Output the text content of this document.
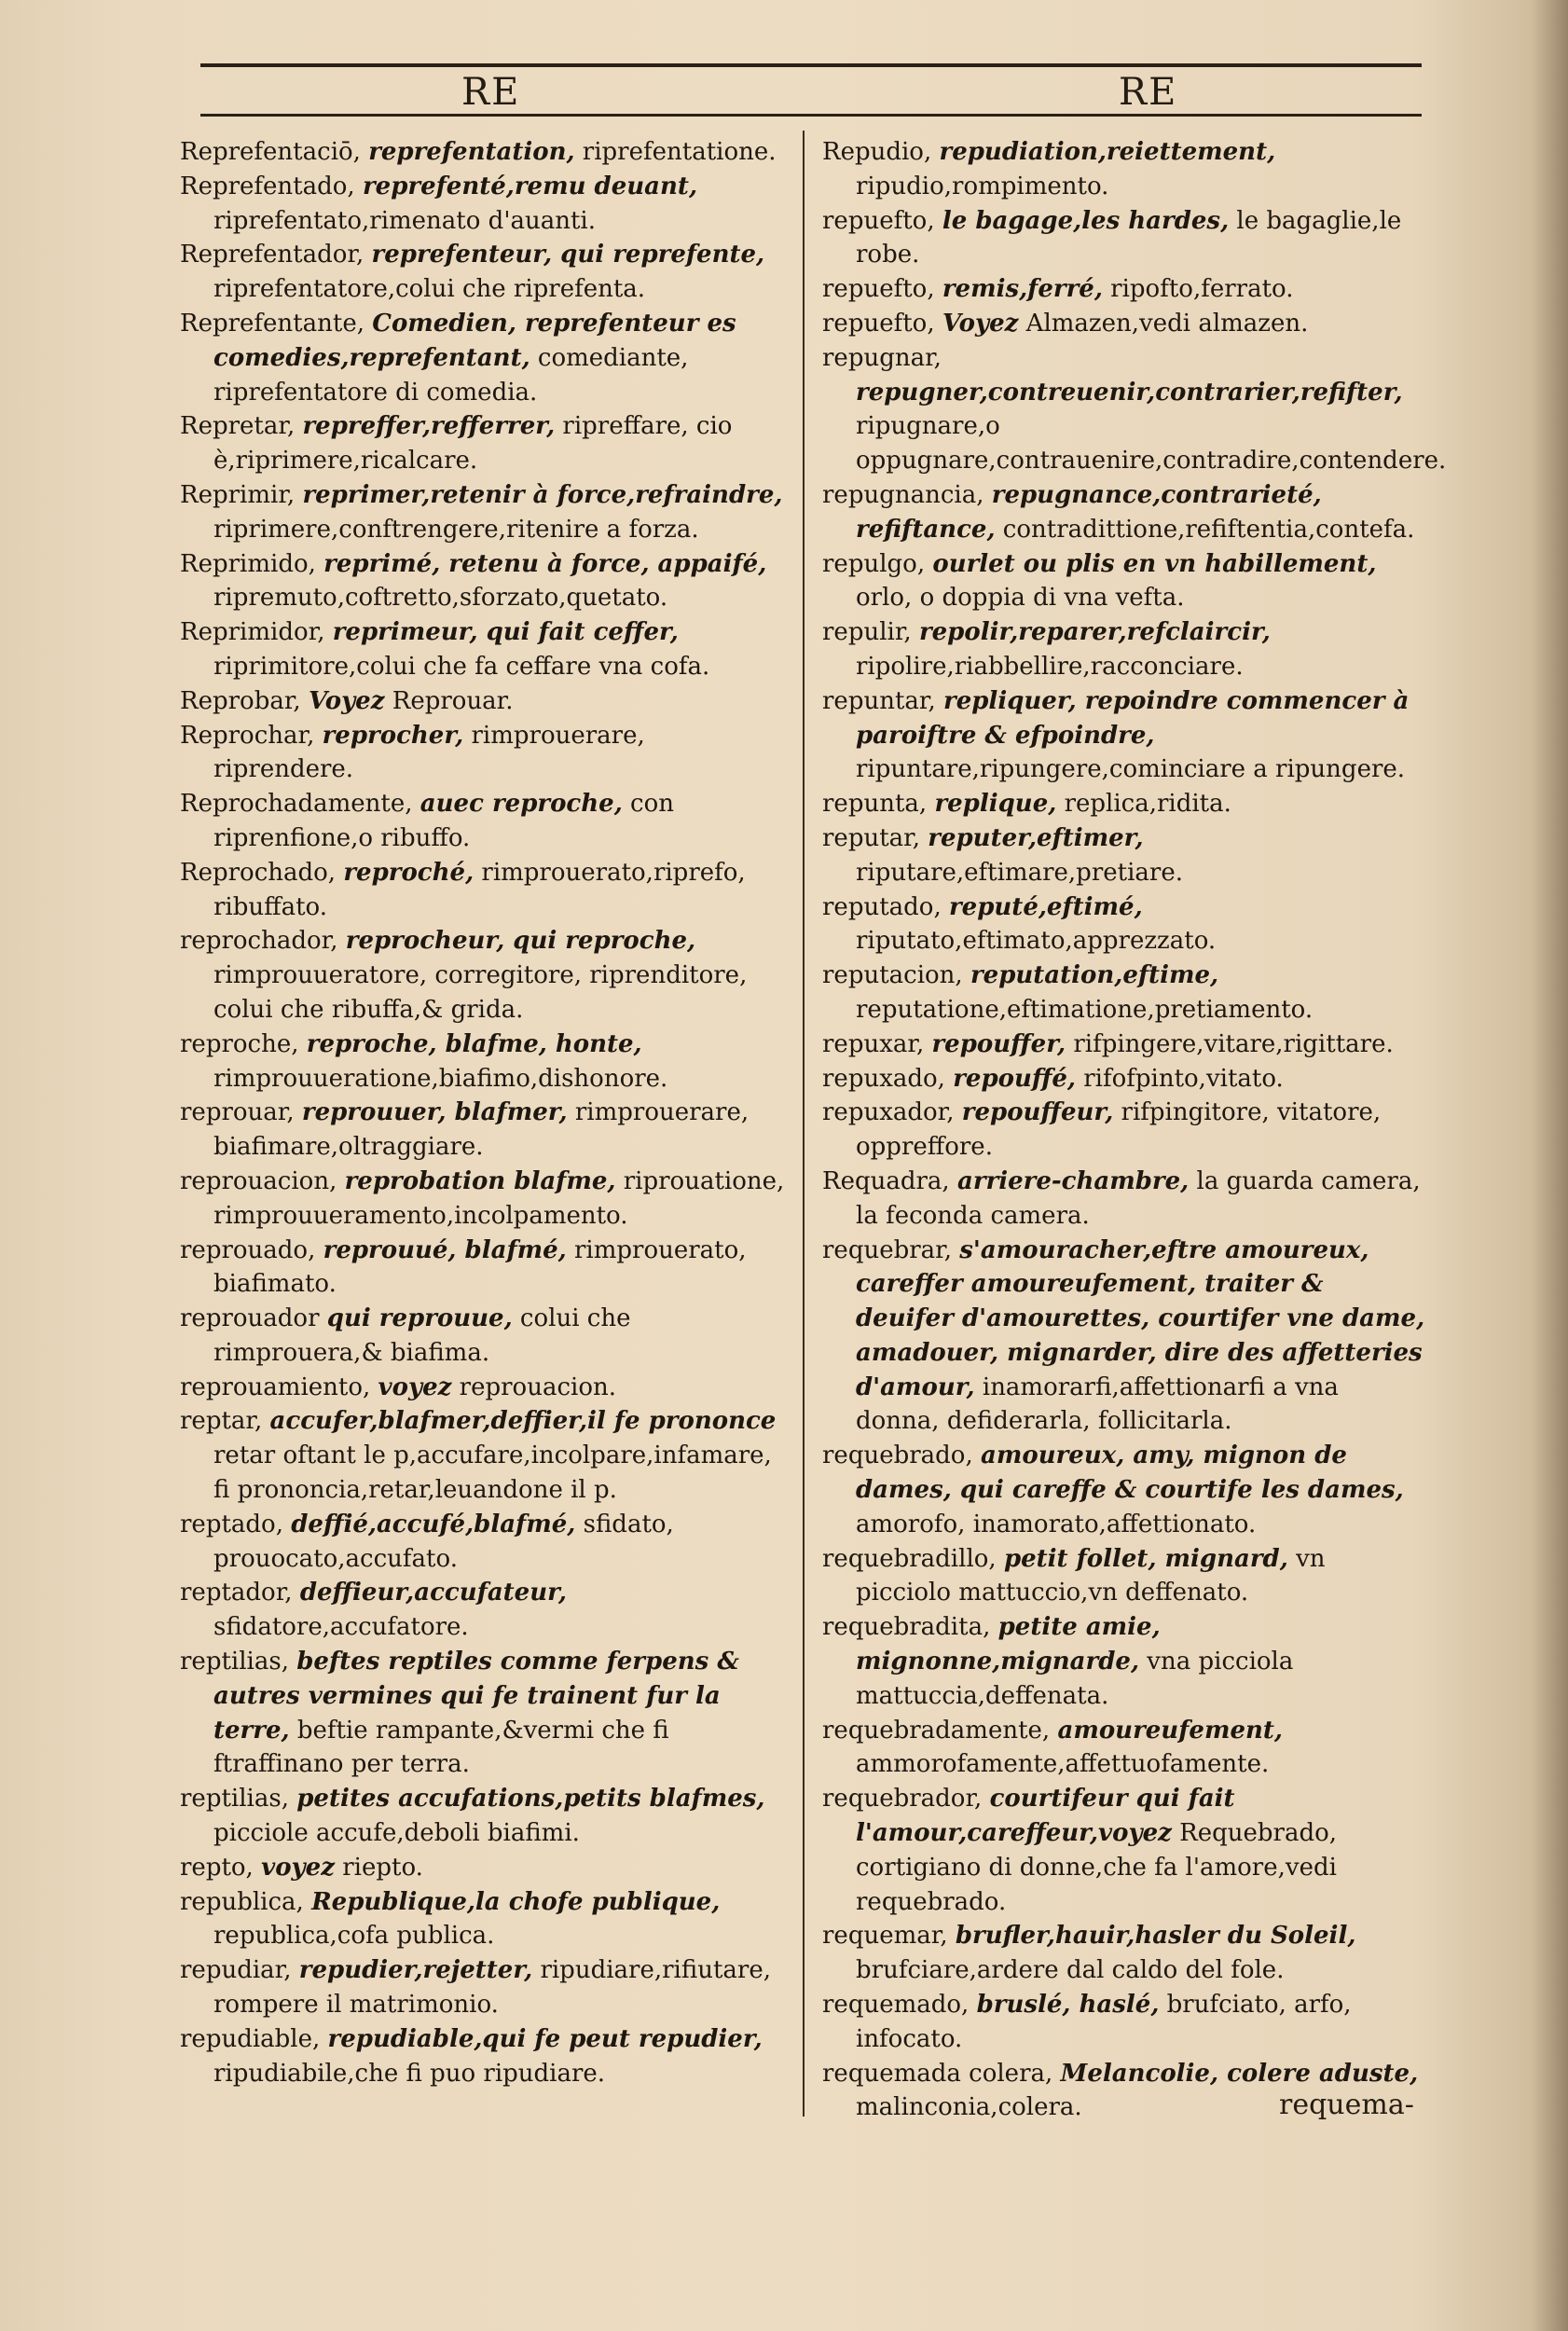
RE	RE

Reprefentaciō, reprefentation, riprefentatione.

Reprefentado, reprefenté,remu deuant, riprefentato,rimenato d'auanti.

Reprefentador, reprefenteur, qui reprefente, riprefentatore,colui che riprefenta.

Reprefentante, Comedien, reprefenteur es comedies,reprefentant, comediante, riprefentatore di comedia.

Repretar, repreffer,refferrer, ripreffare, cio è,riprimere,ricalcare.

Reprimir, reprimer,retenir à force,refraindre, riprimere,conftrengere,ritenire a forza.

Reprimido, reprimé, retenu à force, appaifé, ripremuto,coftretto,sforzato,quetato.

Reprimidor, reprimeur, qui fait ceffer, riprimitore,colui che fa ceffare vna cofa.

Reprobar, Voyez Reprouar.

Reprochar, reprocher, rimprouerare, riprendere.

Reprochadamente, auec reproche, con riprenfione,o ribuffo.

Reprochado, reproché, rimprouerato,riprefo, ribuffato.

reprochador, reprocheur, qui reproche, rimprouueratore, corregitore, riprenditore, colui che ribuffa,& grida.

reproche, reproche, blafme, honte, rimprouueratione,biafimo,dishonore.

reprouar, reprouuer, blafmer, rimprouerare, biafimare,oltraggiare.

reprouacion, reprobation blafme, riprouatione, rimprouueramento,incolpamento.

reprouado, reprouué, blafmé, rimprouerato, biafimato.

reprouador qui reprouue, colui che rimprouera,& biafima.

reprouamiento, voyez reprouacion.

reptar, accufer,blafmer,deffier,il fe prononce retar oftant le p,accufare,incolpare,infamare, fi prononcia,retar,leuandone il p.

reptado, deffié,accufé,blafmé, sfidato, prouocato,accufato.

reptador, deffieur,accufateur, sfidatore,accufatore.

reptilias, beftes reptiles comme ferpens & autres vermines qui fe trainent fur la terre, beftie rampante,&vermi che fi ftraffinano per terra.

reptilias, petites accufations,petits blafmes, picciole accufe,deboli biafimi.

repto, voyez riepto.

republica, Republique,la chofe publique, republica,cofa publica.

repudiar, repudier,rejetter, ripudiare,rifiutare, rompere il matrimonio.

repudiable, repudiable,qui fe peut repudier, ripudiabile,che fi puo ripudiare.

Repudio, repudiation,reiettement, ripudio,rompimento.

repuefto, le bagage,les hardes, le bagaglie,le robe.

repuefto, remis,ferré, ripofto,ferrato.

repuefto, Voyez Almazen,vedi almazen.

repugnar, repugner,contreuenir,contrarier,refifter, ripugnare,o oppugnare,contrauenire,contradire,contendere.

repugnancia, repugnance,contrarieté, refiftance, contradittione,refiftentia,contefa.

repulgo, ourlet ou plis en vn habillement, orlo, o doppia di vna vefta.

repulir, repolir,reparer,refclaircir, ripolire,riabbellire,racconciare.

repuntar, repliquer, repoindre commencer à paroiftre & efpoindre, ripuntare,ripungere,cominciare a ripungere.

repunta, replique, replica,ridita.

reputar, reputer,eftimer, riputare,eftimare,pretiare.

reputado, reputé,eftimé, riputato,eftimato,apprezzato.

reputacion, reputation,eftime, reputatione,eftimatione,pretiamento.

repuxar, repouffer, rifpingere,vitare,rigittare.

repuxado, repouffé, rifofpinto,vitato.

repuxador, repouffeur, rifpingitore, vitatore, oppreffore.

Requadra, arriere-chambre, la guarda camera, la feconda camera.

requebrar, s'amouracher,eftre amoureux, careffer amoureufement, traiter & deuifer d'amourettes, courtifer vne dame, amadouer, mignarder, dire des affetteries d'amour, inamorarfi,affettionarfi a vna donna, defiderarla, follicitarla.

requebrado, amoureux, amy, mignon de dames, qui careffe & courtife les dames, amorofo, inamorato,affettionato.

requebradillo, petit follet, mignard, vn picciolo mattuccio,vn deffenato.

requebradita, petite amie, mignonne,mignarde, vna picciola mattuccia,deffenata.

requebradamente, amoureufement, ammorofamente,affettuofamente.

requebrador, courtifeur qui fait l'amour,careffeur,voyez Requebrado, cortigiano di donne,che fa l'amore,vedi requebrado.

requemar, brufler,hauir,hasler du Soleil, brufciare,ardere dal caldo del fole.

requemado, bruslé, haslé, brufciato, arfo, infocato.

requemada colera, Melancolie, colere aduste, malinconia,colera.	requema-
